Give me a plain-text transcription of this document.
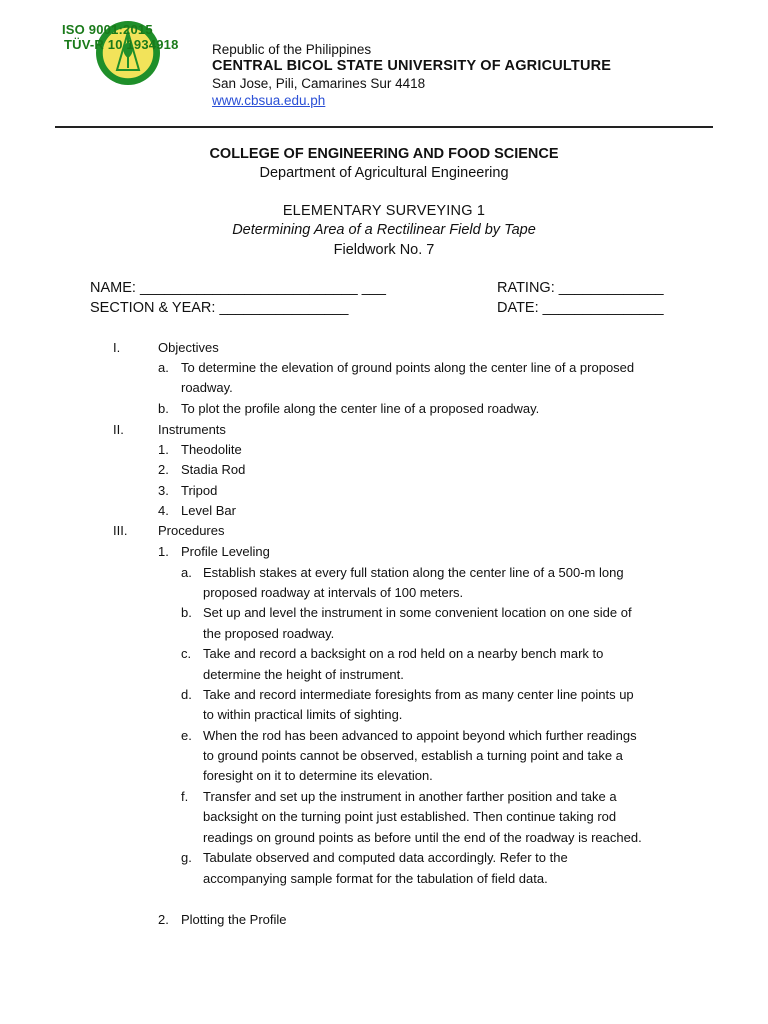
ISO 9001:2015
TÜV-R 10 1934918 Republic of the Philippines
CENTRAL BICOL STATE UNIVERSITY OF AGRICULTURE
San Jose, Pili, Camarines Sur 4418
www.cbsua.edu.ph
COLLEGE OF ENGINEERING AND FOOD SCIENCE
Department of Agricultural Engineering
ELEMENTARY SURVEYING 1
Determining Area of a Rectilinear Field by Tape
Fieldwork No. 7
NAME: ___________________________ ___
SECTION & YEAR: ________________
RATING: _____________
DATE: _______________
I.	Objectives
a. To determine the elevation of ground points along the center line of a proposed
roadway.
b. To plot the profile along the center line of a proposed roadway.
II.	Instruments
1. Theodolite
2. Stadia Rod
3. Tripod
4. Level Bar
III. Procedures
1. Profile Leveling
a. Establish stakes at every full station along the center line of a 500-m long
proposed roadway at intervals of 100 meters.
b. Set up and level the instrument in some convenient location on one side of
the proposed roadway.
c. Take and record a backsight on a rod held on a nearby bench mark to
determine the height of instrument.
d. Take and record intermediate foresights from as many center line points up
to within practical limits of sighting.
e. When the rod has been advanced to appoint beyond which further readings
to ground points cannot be observed, establish a turning point and take a
foresight on it to determine its elevation.
f. Transfer and set up the instrument in another farther position and take a
backsight on the turning point just established. Then continue taking rod
readings on ground points as before until the end of the roadway is reached.
g. Tabulate observed and computed data accordingly. Refer to the
accompanying sample format for the tabulation of field data.
2. Plotting the Profile
